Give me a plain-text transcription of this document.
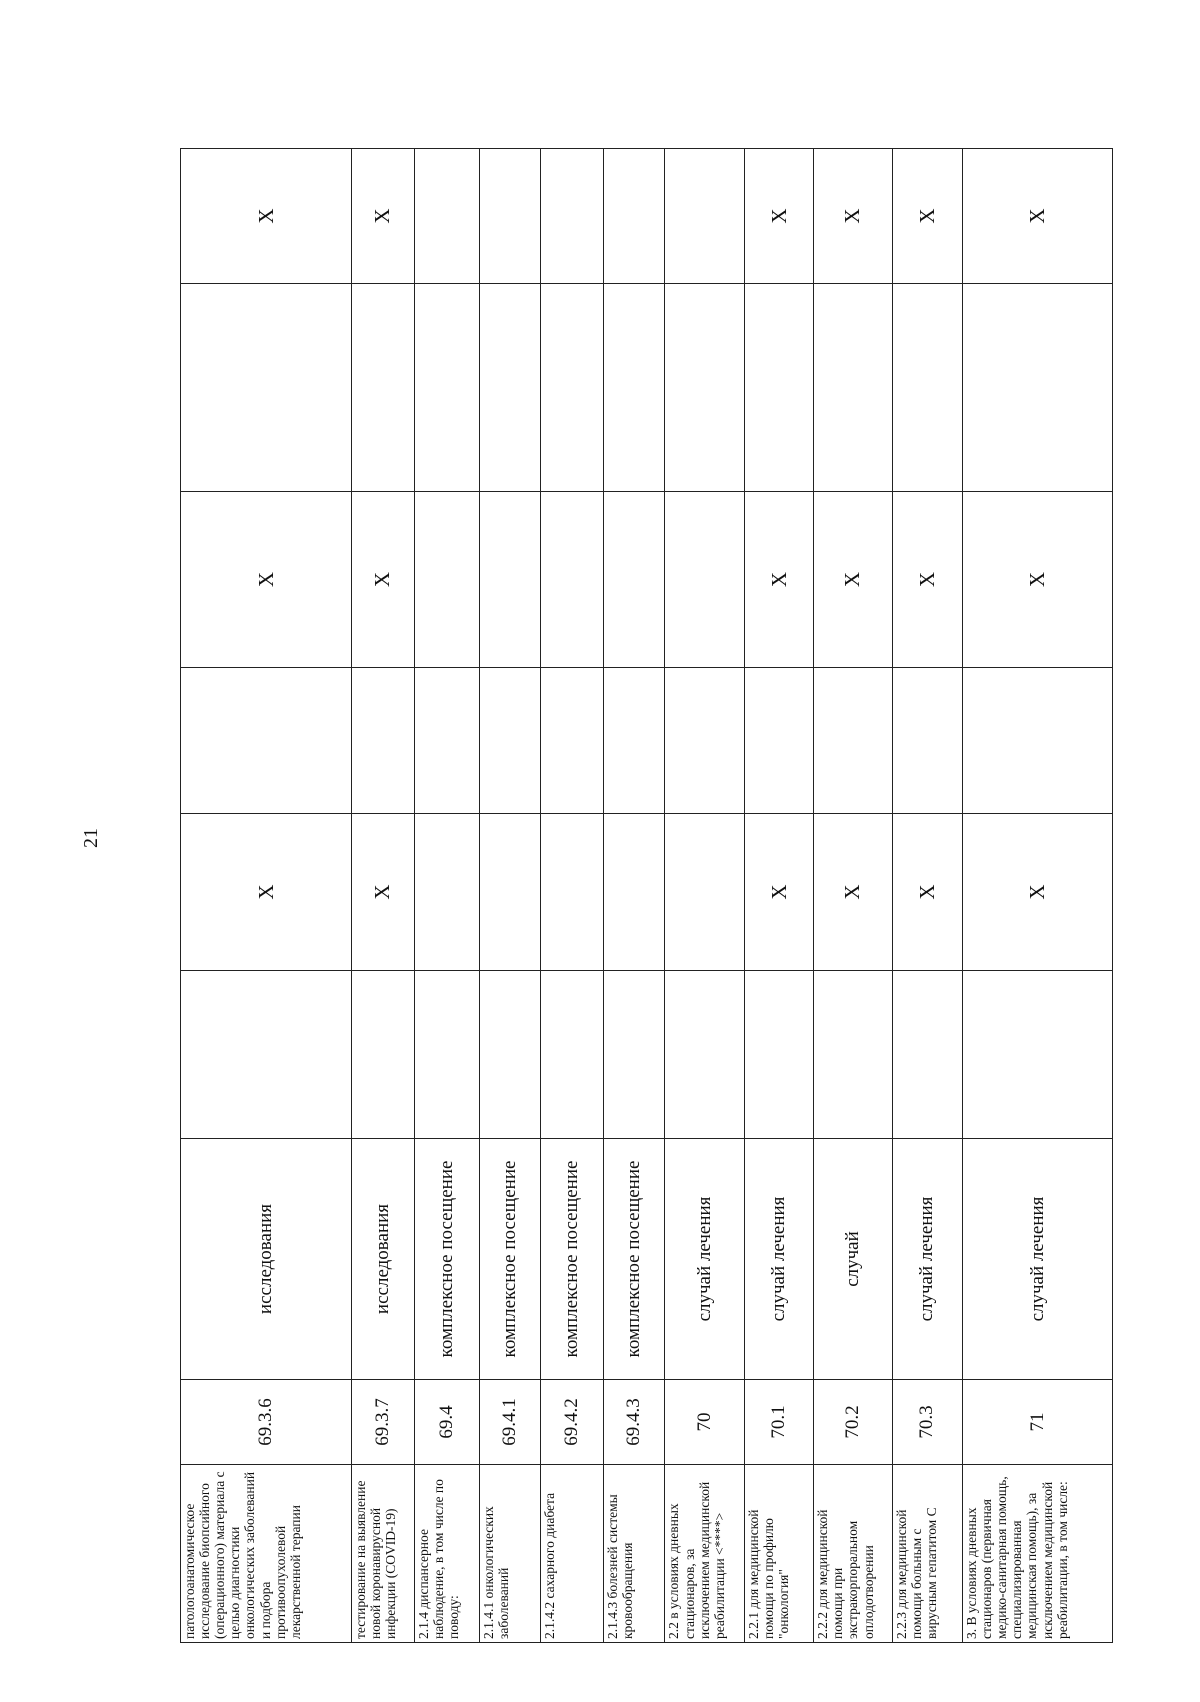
21
патологоанатомическое исследование биопсийного (операционного) материала с целью диагностики онкологических заболеваний и подбора противоопухолевой лекарственной терапии	69.3.6	исследования		X		X		X
тестирование на выявление новой коронавирусной инфекции (COVID-19)	69.3.7	исследования		X		X		X
2.1.4 диспансерное наблюдение, в том числе по поводу:	69.4	комплексное посещение						
2.1.4.1 онкологических заболеваний	69.4.1	комплексное посещение						
2.1.4.2 сахарного диабета	69.4.2	комплексное посещение						
2.1.4.3 болезней системы кровообращения	69.4.3	комплексное посещение						
2.2 в условиях дневных стационаров, за исключением медицинской реабилитации <****>	70	случай лечения						
2.2.1 для медицинской помощи по профилю "онкология"	70.1	случай лечения		X		X		X
2.2.2 для медицинской помощи при экстракорпоральном оплодотворении	70.2	случай		X		X		X
2.2.3 для медицинской помощи больным с вирусным гепатитом С	70.3	случай лечения		X		X		X
3. В условиях дневных стационаров (первичная медико-санитарная помощь, специализированная медицинская помощь), за исключением медицинской реабилитации, в том числе:	71	случай лечения		X		X		X
